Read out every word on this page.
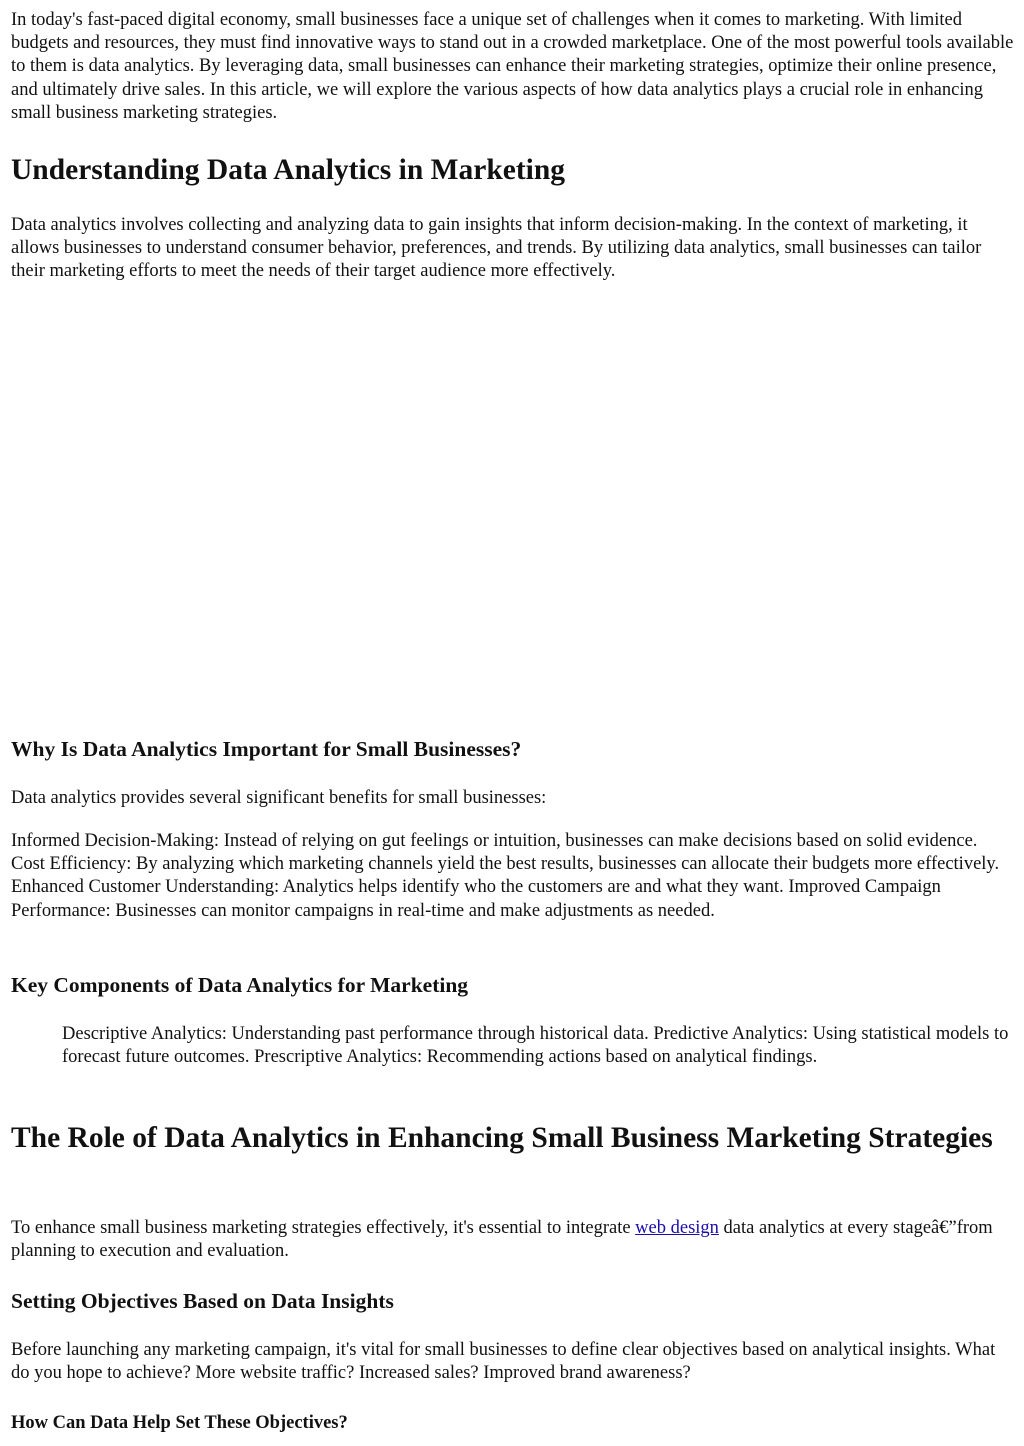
In today's fast-paced digital economy, small businesses face a unique set of challenges when it comes to marketing. With limited budgets and resources, they must find innovative ways to stand out in a crowded marketplace. One of the most powerful tools available to them is data analytics. By leveraging data, small businesses can enhance their marketing strategies, optimize their online presence, and ultimately drive sales. In this article, we will explore the various aspects of how data analytics plays a crucial role in enhancing small business marketing strategies.

Understanding Data Analytics in Marketing

Data analytics involves collecting and analyzing data to gain insights that inform decision-making. In the context of marketing, it allows businesses to understand consumer behavior, preferences, and trends. By utilizing data analytics, small businesses can tailor their marketing efforts to meet the needs of their target audience more effectively.

Why Is Data Analytics Important for Small Businesses?

Data analytics provides several significant benefits for small businesses:

Informed Decision-Making: Instead of relying on gut feelings or intuition, businesses can make decisions based on solid evidence. Cost Efficiency: By analyzing which marketing channels yield the best results, businesses can allocate their budgets more effectively. Enhanced Customer Understanding: Analytics helps identify who the customers are and what they want. Improved Campaign Performance: Businesses can monitor campaigns in real-time and make adjustments as needed.

Key Components of Data Analytics for Marketing

Descriptive Analytics: Understanding past performance through historical data. Predictive Analytics: Using statistical models to forecast future outcomes. Prescriptive Analytics: Recommending actions based on analytical findings.

The Role of Data Analytics in Enhancing Small Business Marketing Strategies

To enhance small business marketing strategies effectively, it's essential to integrate web design data analytics at every stageâ€”from planning to execution and evaluation.

Setting Objectives Based on Data Insights

Before launching any marketing campaign, it's vital for small businesses to define clear objectives based on analytical insights. What do you hope to achieve? More website traffic? Increased sales? Improved brand awareness?

How Can Data Help Set These Objectives?
